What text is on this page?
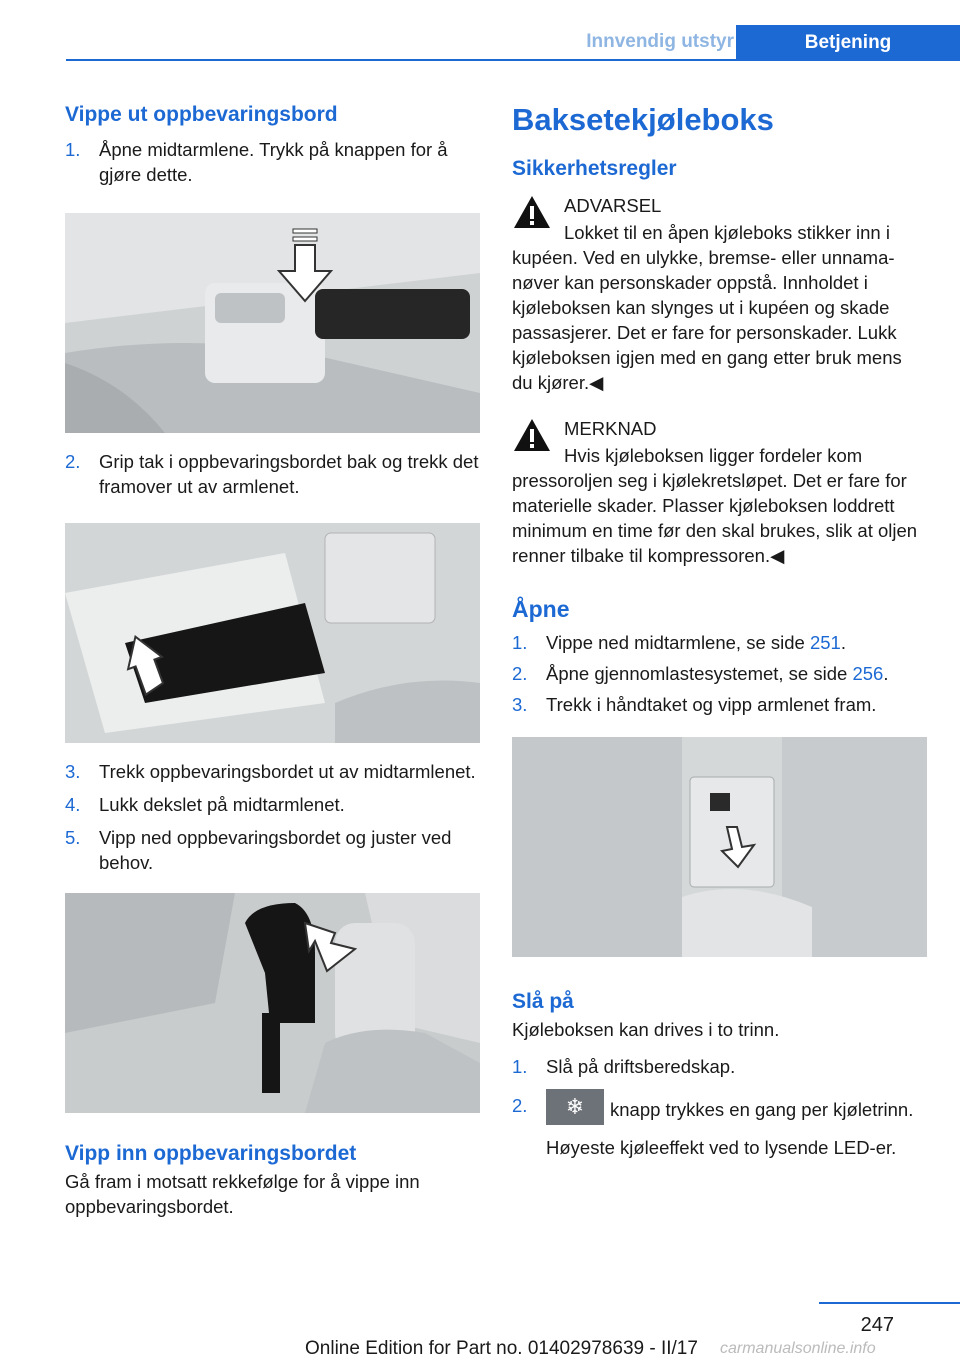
Innvendig utstyr	Betjening
Vippe ut oppbevaringsbord
1. Åpne midtarmlene. Trykk på knappen for å gjøre dette.
2. Grip tak i oppbevaringsbordet bak og trekk det framover ut av armlenet.
3. Trekk oppbevaringsbordet ut av midtarmlenet.
4. Lukk dekslet på midtarmlenet.
5. Vipp ned oppbevaringsbordet og juster ved behov.
Vipp inn oppbevaringsbordet

Gå fram i motsatt rekkefølge for å vippe inn oppbevaringsbordet.

Baksetekjøleboks
Sikkerhetsregler
ADVARSEL
Lokket til en åpen kjøleboks stikker inn i
kupéen. Ved en ulykke, bremse- eller unnamanøver kan personskader oppstå. Innholdet i kjøleboksen kan slynges ut i kupéen og skade passasjerer. Det er fare for personskader. Lukk kjøleboksen igjen med en gang etter bruk mens du kjører.◀
MERKNAD
Hvis kjøleboksen ligger fordeler kom
pressoroljen seg i kjølekretsløpet. Det er fare for materielle skader. Plasser kjøleboksen loddrett minimum en time før den skal brukes, slik at oljen renner tilbake til kompressoren.◀
Åpne
1. Vippe ned midtarmlene, se side 251.
2. Åpne gjennomlastesystemet, se side 256.
3. Trekk i håndtaket og vipp armlenet fram.
Slå på

Kjøleboksen kan drives i to trinn.

1. Slå på driftsberedskap.
2. ❄ knapp trykkes en gang per kjøletrinn.
Høyeste kjøleeffekt ved to lysende LED-er.
247
Online Edition for Part no. 01402978639 - II/17 carmanualsonline.info
